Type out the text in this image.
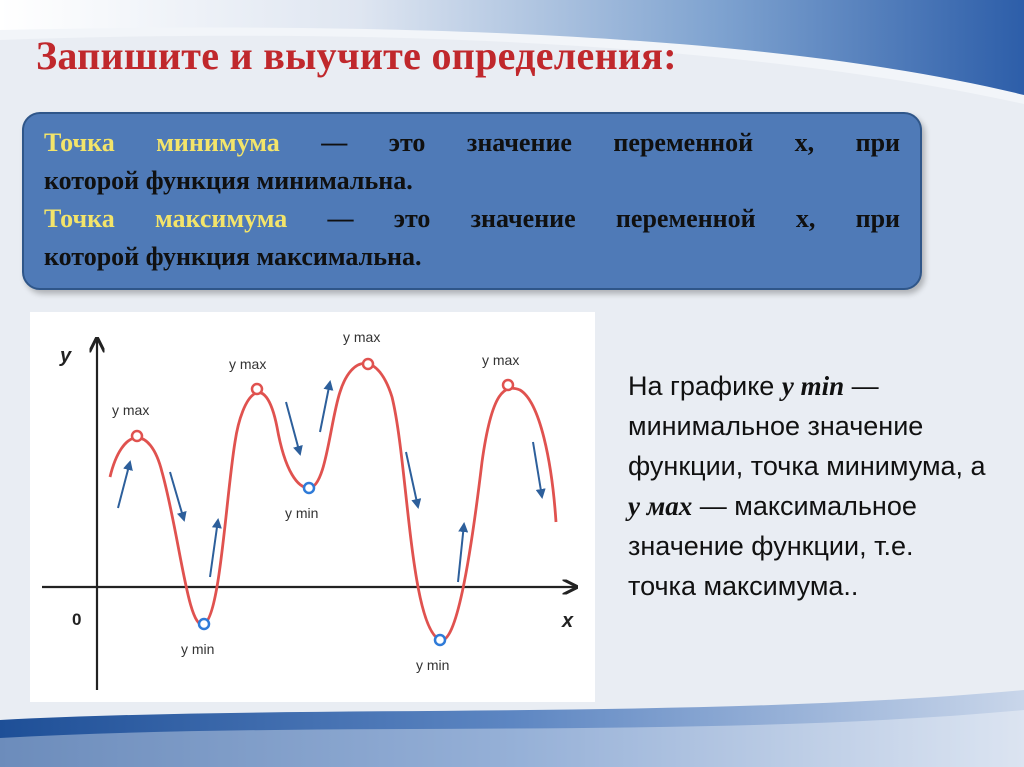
Запишите и выучите определения:

Точка минимума — это значение переменной х, при

которой функция минимальна.

Точка максимума — это значение переменной х, при

которой функция максимальна.

y
x
0
y max
y max
y max
y max
y min
y min
y min
На графике y min — минимальное значение функции, точка минимума, а y мах — максимальное значение функции, т.е. точка максимума..
